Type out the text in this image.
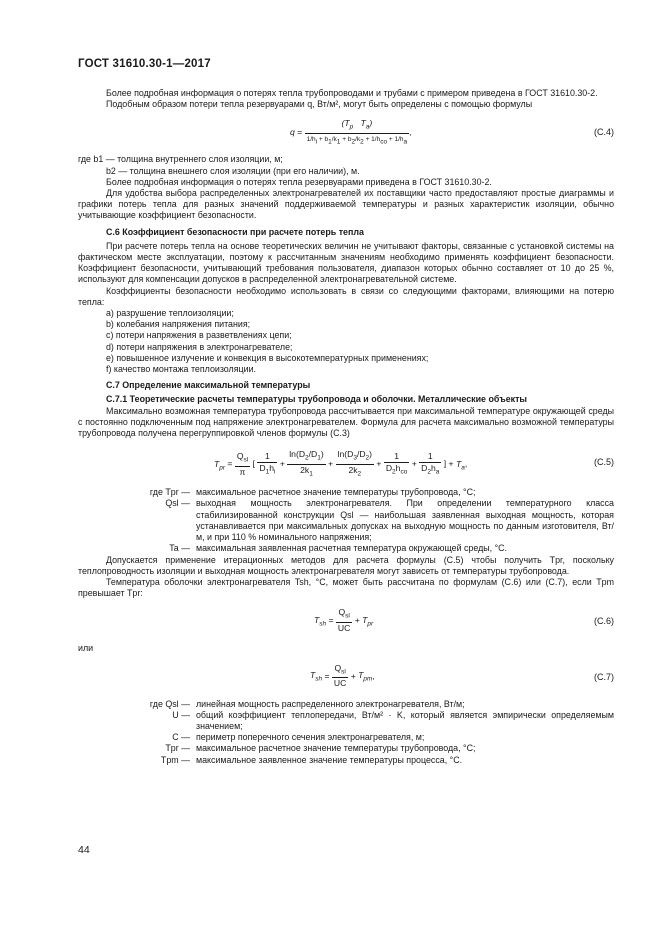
ГОСТ 31610.30-1—2017

Более подробная информация о потерях тепла трубопроводами и трубами с примером приведена в ГОСТ 31610.30-2.

Подобным образом потери тепла резервуарами q, Вт/м², могут быть определены с помощью формулы

$q = \frac{(T_p T_a)}{1/h_i + b_1/k_1 + b_2/k_2 + 1/h_{co} + 1/h_a}$ ,	(C.4)

где b1 — толщина внутреннего слоя изоляции, м;

b2 — толщина внешнего слоя изоляции (при его наличии), м.

Более подробная информация о потерях тепла резервуарами приведена в ГОСТ 31610.30-2.

Для удобства выбора распределенных электронагревателей их поставщики часто предоставляют простые диаграммы и графики потерь тепла для разных значений поддерживаемой температуры и разных характеристик изоляции, обычно учитывающие коэффициент безопасности.

С.6 Коэффициент безопасности при расчете потерь тепла

При расчете потерь тепла на основе теоретических величин не учитывают факторы, связанные с установкой системы на фактическом месте эксплуатации, поэтому к рассчитанным значениям необходимо применять коэффициент безопасности. Коэффициент безопасности, учитывающий требования пользователя, диапазон которых обычно составляет от 10 до 25 %, используют для компенсации допусков в распределенной электронагревательной системе.

Коэффициенты безопасности необходимо использовать в связи со следующими факторами, влияющими на потерю тепла:

a) разрушение теплоизоляции;

b) колебания напряжения питания;

c) потери напряжения в разветвлениях цепи;

d) потери напряжения в электронагревателе;

e) повышенное излучение и конвекция в высокотемпературных применениях;

f) качество монтажа теплоизоляции.

С.7 Определение максимальной температуры

С.7.1 Теоретические расчеты температуры трубопровода и оболочки. Металлические объекты

Максимально возможная температура трубопровода рассчитывается при максимальной температуре окружающей среды с постоянно подключенным под напряжение электронагревателем. Формула для расчета максимально возможной температуры трубопровода получена перегруппировкой членов формулы (С.3)

$T_{pr} = \frac{Q_{sl}}{\pi}$ [ $\frac{1}{D_1h_i} + \frac{\ln(D_2/D_1)}{2k_1} + \frac{\ln(D_3/D_2)}{2k_2} + \frac{1}{D_2h_{co}} + \frac{1}{D_2h_a}$ ] + $T_a$,	(C.5)
где Tpr — максимальное расчетное значение температуры трубопровода, °C;

Qsl — выходная мощность электронагревателя. При определении температурного класса стабилизированной конструкции Qsl — наибольшая заявленная выходная мощность, которая устанавливается при максимальных допусках на выходную мощность по данным изготовителя, Вт/м, и при 110 % номинального напряжения;

Ta — максимальная заявленная расчетная температура окружающей среды, °C.

Допускается применение итерационных методов для расчета формулы (С.5) чтобы получить Tpr, поскольку теплопроводность изоляции и выходная мощность электронагревателя могут зависеть от температуры трубопровода.

Температура оболочки электронагревателя Tsh, °C, может быть рассчитана по формулам (С.6) или (С.7), если Tpm превышает Tpr:

$T_{sh} = \frac{Q_{sl}}{UC} + T_{pr}$	(C.6)

или

$T_{sh} = \frac{Q_{sl}}{UC} + T_{pm}$,	(C.7)
где Qsl — линейная мощность распределенного электронагревателя, Вт/м;

U — общий коэффициент теплопередачи, Вт/м² · K, который является эмпирически определяемым значением;

C — периметр поперечного сечения электронагревателя, м;

Tpr — максимальное расчетное значение температуры трубопровода, °C;

Tpm — максимальное заявленное значение температуры процесса, °C.

44
